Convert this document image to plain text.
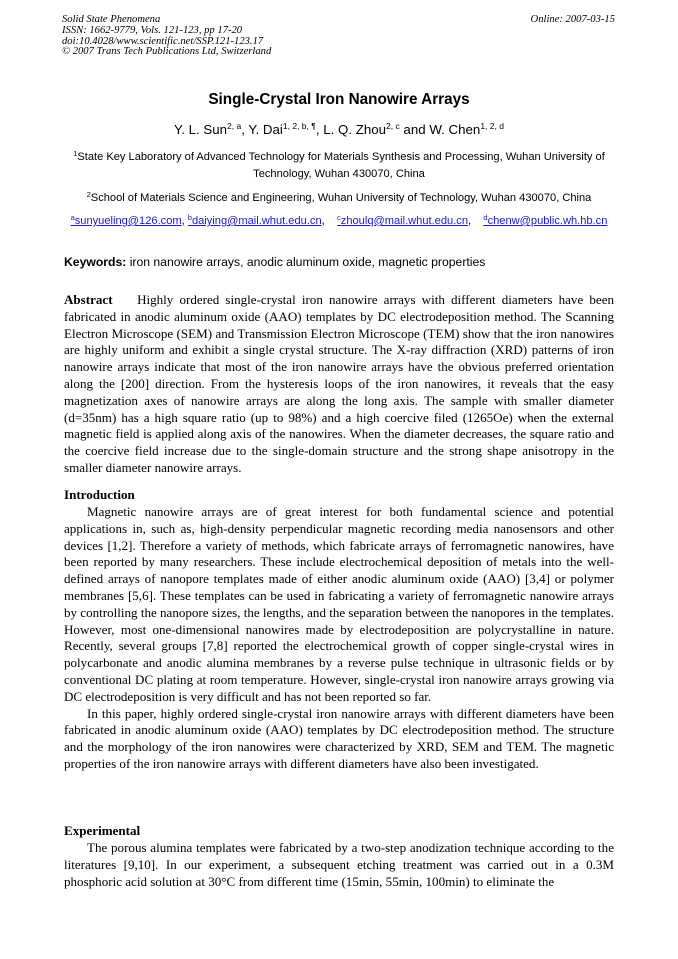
Solid State Phenomena
ISSN: 1662-9779, Vols. 121-123, pp 17-20
doi:10.4028/www.scientific.net/SSP.121-123.17
© 2007 Trans Tech Publications Ltd, Switzerland
Online: 2007-03-15
Single-Crystal Iron Nanowire Arrays
Y. L. Sun$^{2, a}$, Y. Dai$^{1, 2, b, \P}$, L. Q. Zhou$^{2, c}$ and W. Chen$^{1, 2, d}$
$^1$State Key Laboratory of Advanced Technology for Materials Synthesis and Processing, Wuhan University of Technology, Wuhan 430070, China
$^2$School of Materials Science and Engineering, Wuhan University of Technology, Wuhan 430070, China
$^a$sunyueling@126.com, $^b$daiying@mail.whut.edu.cn,    $^c$zhoulq@mail.whut.edu.cn,    $^d$chenw@public.wh.hb.cn
Keywords: iron nanowire arrays, anodic aluminum oxide, magnetic properties

Abstract Highly ordered single-crystal iron nanowire arrays with different diameters have been fabricated in anodic aluminum oxide (AAO) templates by DC electrodeposition method. The Scanning Electron Microscope (SEM) and Transmission Electron Microscope (TEM) show that the iron nanowires are highly uniform and exhibit a single crystal structure. The X-ray diffraction (XRD) patterns of iron nanowire arrays indicate that most of the iron nanowire arrays have the obvious preferred orientation along the [200] direction. From the hysteresis loops of the iron nanowires, it reveals that the easy magnetization axes of nanowire arrays are along the long axis. The sample with smaller diameter (d=35nm) has a high square ratio (up to 98%) and a high coercive filed (1265Oe) when the external magnetic field is applied along axis of the nanowires. When the diameter decreases, the square ratio and the coercive field increase due to the single-domain structure and the strong shape anisotropy in the smaller diameter nanowire arrays.

Introduction

Magnetic nanowire arrays are of great interest for both fundamental science and potential applications in, such as, high-density perpendicular magnetic recording media nanosensors and other devices [1,2]. Therefore a variety of methods, which fabricate arrays of ferromagnetic nanowires, have been reported by many researchers. These include electrochemical deposition of metals into the well-defined arrays of nanopore templates made of either anodic aluminum oxide (AAO) [3,4] or polymer membranes [5,6]. These templates can be used in fabricating a variety of ferromagnetic nanowire arrays by controlling the nanopore sizes, the lengths, and the separation between the nanopores in the templates. However, most one-dimensional nanowires made by electrodeposition are polycrystalline in nature. Recently, several groups [7,8] reported the electrochemical growth of copper single-crystal wires in polycarbonate and anodic alumina membranes by a reverse pulse technique in ultrasonic fields or by conventional DC plating at room temperature. However, single-crystal iron nanowire arrays growing via DC electrodeposition is very difficult and has not been reported so far.

In this paper, highly ordered single-crystal iron nanowire arrays with different diameters have been fabricated in anodic aluminum oxide (AAO) templates by DC electrodeposition method. The structure and the morphology of the iron nanowires were characterized by XRD, SEM and TEM. The magnetic properties of the iron nanowire arrays with different diameters have also been investigated.

Experimental

The porous alumina templates were fabricated by a two-step anodization technique according to the literatures [9,10]. In our experiment, a subsequent etching treatment was carried out in a 0.3M phosphoric acid solution at 30°C from different time (15min, 55min, 100min) to eliminate the
